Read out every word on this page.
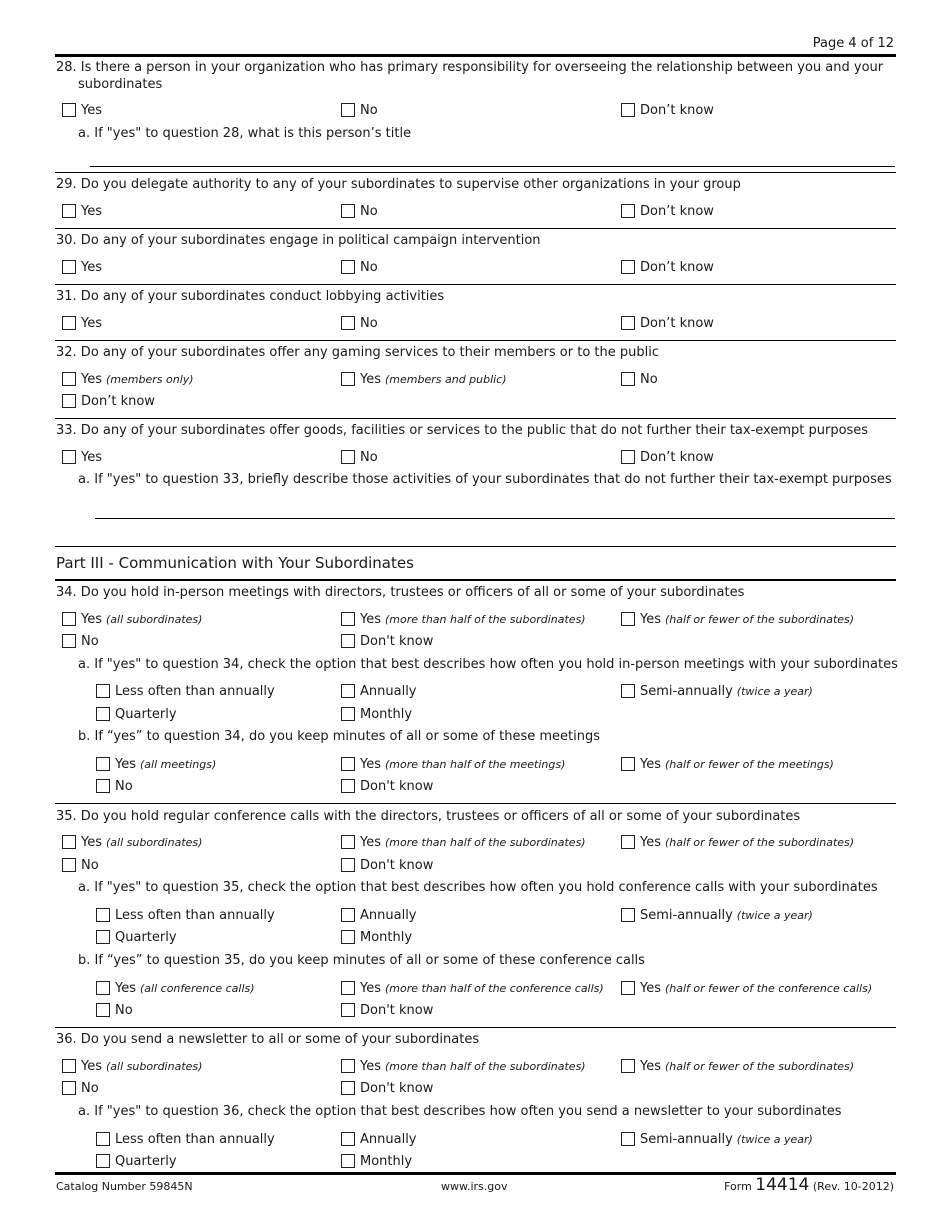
Page 4 of 12
28. Is there a person in your organization who has primary responsibility for overseeing the relationship between you and your
subordinates
Yes	No	Don’t know
a. If "yes" to question 28, what is this person’s title
29. Do you delegate authority to any of your subordinates to supervise other organizations in your group
Yes	No	Don’t know
30. Do any of your subordinates engage in political campaign intervention
Yes	No	Don’t know
31. Do any of your subordinates conduct lobbying activities
Yes	No	Don’t know
32. Do any of your subordinates offer any gaming services to their members or to the public
Yes (members only)	Yes (members and public)	No
Don’t know
33. Do any of your subordinates offer goods, facilities or services to the public that do not further their tax-exempt purposes
Yes	No	Don’t know
a. If "yes" to question 33, briefly describe those activities of your subordinates that do not further their tax-exempt purposes
Part III - Communication with Your Subordinates
34. Do you hold in-person meetings with directors, trustees or officers of all or some of your subordinates
Yes (all subordinates)	Yes (more than half of the subordinates)	Yes (half or fewer of the subordinates)
No	Don't know
a. If "yes" to question 34, check the option that best describes how often you hold in-person meetings with your subordinates
Less often than annually	Annually	Semi-annually (twice a year)
Quarterly	Monthly
b. If “yes” to question 34, do you keep minutes of all or some of these meetings
Yes (all meetings)	Yes (more than half of the meetings)	Yes (half or fewer of the meetings)
No	Don't know
35. Do you hold regular conference calls with the directors, trustees or officers of all or some of your subordinates
Yes (all subordinates)	Yes (more than half of the subordinates)	Yes (half or fewer of the subordinates)
No	Don't know
a. If "yes" to question 35, check the option that best describes how often you hold conference calls with your subordinates
Less often than annually	Annually	Semi-annually (twice a year)
Quarterly	Monthly
b. If “yes” to question 35, do you keep minutes of all or some of these conference calls
Yes (all conference calls)	Yes (more than half of the conference calls)	Yes (half or fewer of the conference calls)
No	Don't know
36. Do you send a newsletter to all or some of your subordinates
Yes (all subordinates)	Yes (more than half of the subordinates)	Yes (half or fewer of the subordinates)
No	Don't know
a. If "yes" to question 36, check the option that best describes how often you send a newsletter to your subordinates
Less often than annually	Annually	Semi-annually (twice a year)
Quarterly	Monthly
Catalog Number 59845N	www.irs.gov	Form 14414 (Rev. 10-2012)
